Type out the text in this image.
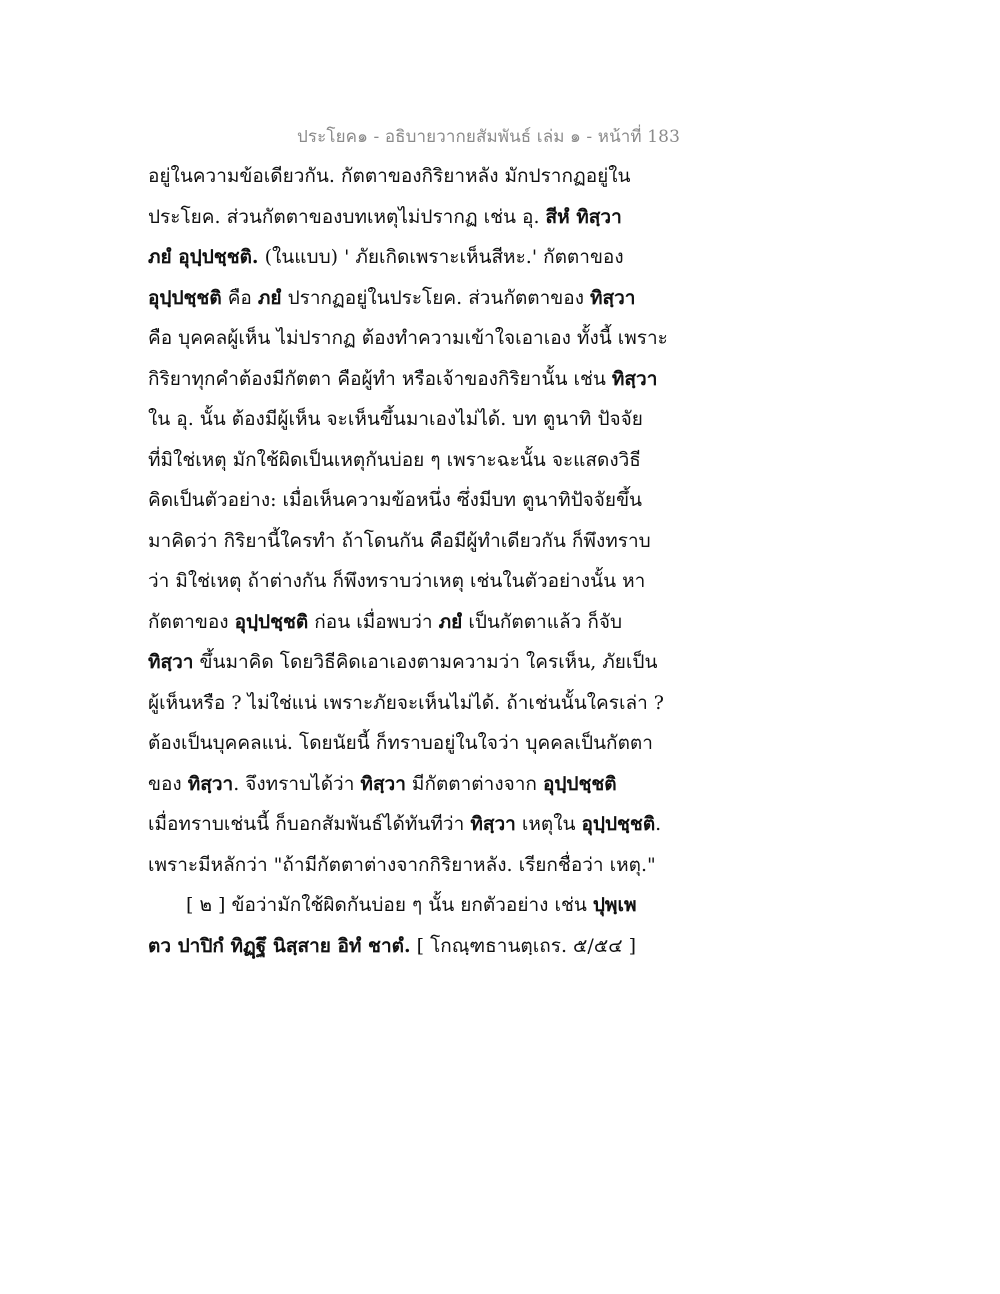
ประโยค๑ - อธิบายวากยสัมพันธ์ เล่ม ๑ - หน้าที่ 183
อยู่ในความข้อเดียวกัน. กัตตาของกิริยาหลัง มักปรากฏอยู่ใน
ประโยค. ส่วนกัตตาของบทเหตุไม่ปรากฏ เช่น อุ. สีหํ ทิสฺวา
ภยํ อุปฺปชฺชติ. (ในแบบ) ' ภัยเกิดเพราะเห็นสีหะ.' กัตตาของ
อุปฺปชฺชติ คือ ภยํ ปรากฏอยู่ในประโยค. ส่วนกัตตาของ ทิสฺวา
คือ บุคคลผู้เห็น ไม่ปรากฏ ต้องทำความเข้าใจเอาเอง ทั้งนี้ เพราะ
กิริยาทุกคำต้องมีกัตตา คือผู้ทำ หรือเจ้าของกิริยานั้น เช่น ทิสฺวา
ใน อุ. นั้น ต้องมีผู้เห็น จะเห็นขึ้นมาเองไม่ได้. บท ตูนาทิ ปัจจัย
ที่มิใช่เหตุ มักใช้ผิดเป็นเหตุกันบ่อย ๆ เพราะฉะนั้น จะแสดงวิธี
คิดเป็นตัวอย่าง: เมื่อเห็นความข้อหนึ่ง ซึ่งมีบท ตูนาทิปัจจัยขึ้น
มาคิดว่า กิริยานี้ใครทำ ถ้าโดนกัน คือมีผู้ทำเดียวกัน ก็พึงทราบ
ว่า มิใช่เหตุ ถ้าต่างกัน ก็พึงทราบว่าเหตุ เช่นในตัวอย่างนั้น หา
กัตตาของ อุปฺปชฺชติ ก่อน เมื่อพบว่า ภยํ เป็นกัตตาแล้ว ก็จับ
ทิสฺวา ขึ้นมาคิด โดยวิธีคิดเอาเองตามความว่า ใครเห็น, ภัยเป็น
ผู้เห็นหรือ ? ไม่ใช่แน่ เพราะภัยจะเห็นไม่ได้. ถ้าเช่นนั้นใครเล่า ?
ต้องเป็นบุคคลแน่. โดยนัยนี้ ก็ทราบอยู่ในใจว่า บุคคลเป็นกัตตา
ของ ทิสฺวา. จึงทราบได้ว่า ทิสฺวา มีกัตตาต่างจาก อุปฺปชฺชติ
เมื่อทราบเช่นนี้ ก็บอกสัมพันธ์ได้ทันทีว่า ทิสฺวา เหตุใน อุปฺปชฺชติ.
เพราะมีหลักว่า "ถ้ามีกัตตาต่างจากกิริยาหลัง. เรียกชื่อว่า เหตุ."
[ ๒ ] ข้อว่ามักใช้ผิดกันบ่อย ๆ นั้น ยกตัวอย่าง เช่น ปุพฺเพ
ตว ปาปิกํ ทิฏฺฐึ นิสฺสาย อิทํ ชาตํ. [ โกณฺฑธานตฺเถร. ๕/๕๔ ]
